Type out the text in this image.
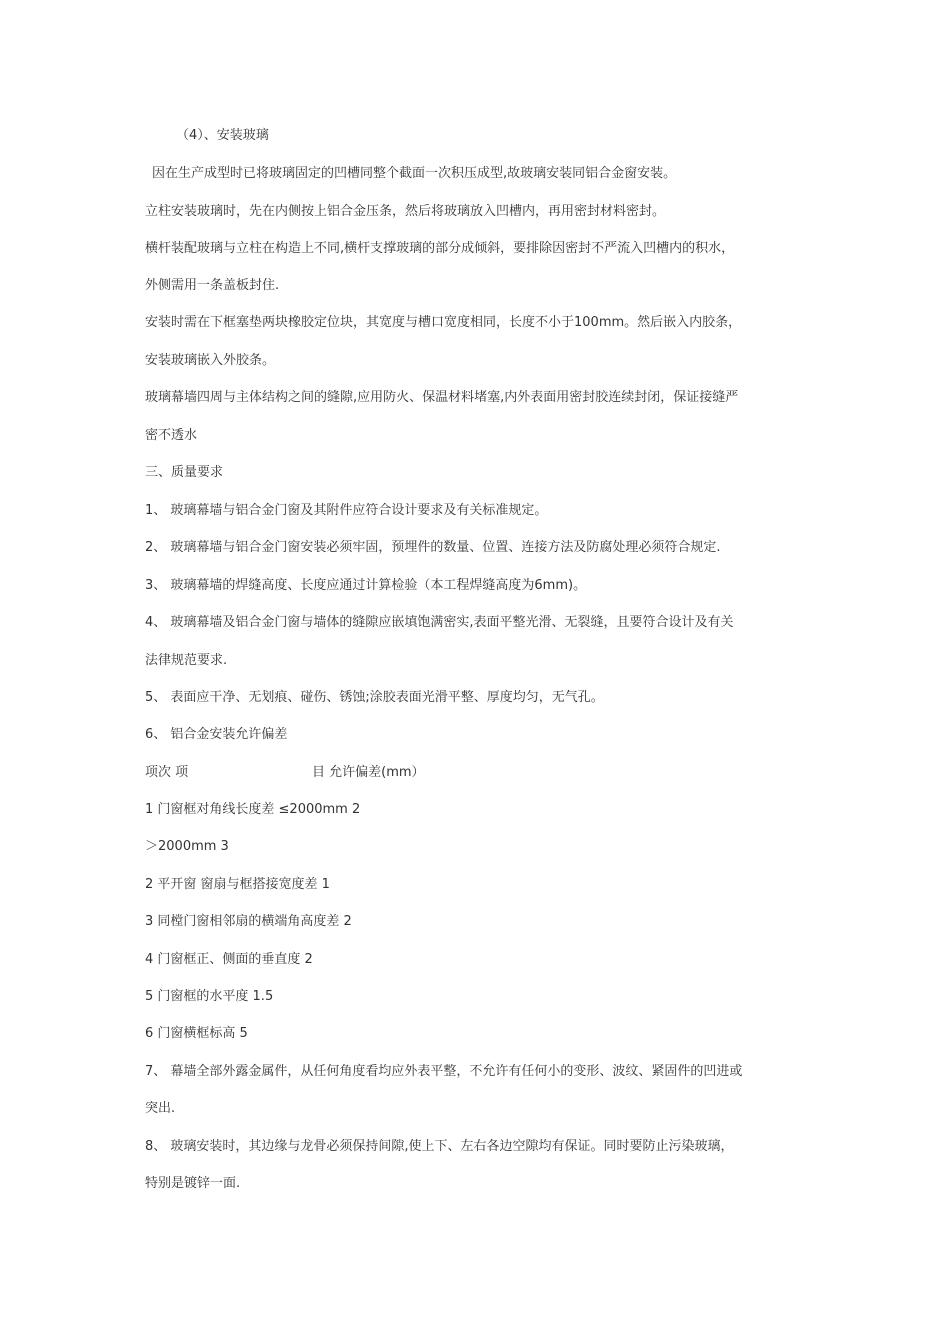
（4）、安装玻璃
因在生产成型时已将玻璃固定的凹槽同整个截面一次积压成型,故玻璃安装同铝合金窗安装。
立柱安装玻璃时，先在内侧按上铝合金压条，然后将玻璃放入凹槽内，再用密封材料密封。
横杆装配玻璃与立柱在构造上不同,横杆支撑玻璃的部分成倾斜，要排除因密封不严流入凹槽内的积水，
外侧需用一条盖板封住.
安装时需在下框塞垫两块橡胶定位块，其宽度与槽口宽度相同，长度不小于100mm。然后嵌入内胶条，
安装玻璃嵌入外胶条。
玻璃幕墙四周与主体结构之间的缝隙,应用防火、保温材料堵塞,内外表面用密封胶连续封闭，保证接缝严
密不透水
三、质量要求
1、 玻璃幕墙与铝合金门窗及其附件应符合设计要求及有关标准规定。
2、 玻璃幕墙与铝合金门窗安装必须牢固，预埋件的数量、位置、连接方法及防腐处理必须符合规定.
3、 玻璃幕墙的焊缝高度、长度应通过计算检验（本工程焊缝高度为6mm)。
4、 玻璃幕墙及铝合金门窗与墙体的缝隙应嵌填饱满密实,表面平整光滑、无裂缝，且要符合设计及有关
法律规范要求.
5、 表面应干净、无划痕、碰伤、锈蚀;涂胶表面光滑平整、厚度均匀，无气孔。
6、 铝合金安装允许偏差
项次 项	目 允许偏差(mm）
1 门窗框对角线长度差 ≤2000mm 2
＞2000mm 3
2 平开窗 窗扇与框搭接宽度差 1
3 同樘门窗相邻扇的横端角高度差 2
4 门窗框正、侧面的垂直度 2
5 门窗框的水平度 1.5
6 门窗横框标高 5
7、 幕墙全部外露金属件，从任何角度看均应外表平整，不允许有任何小的变形、波纹、紧固件的凹进或
突出.
8、 玻璃安装时，其边缘与龙骨必须保持间隙,使上下、左右各边空隙均有保证。同时要防止污染玻璃，
特别是镀锌一面.
